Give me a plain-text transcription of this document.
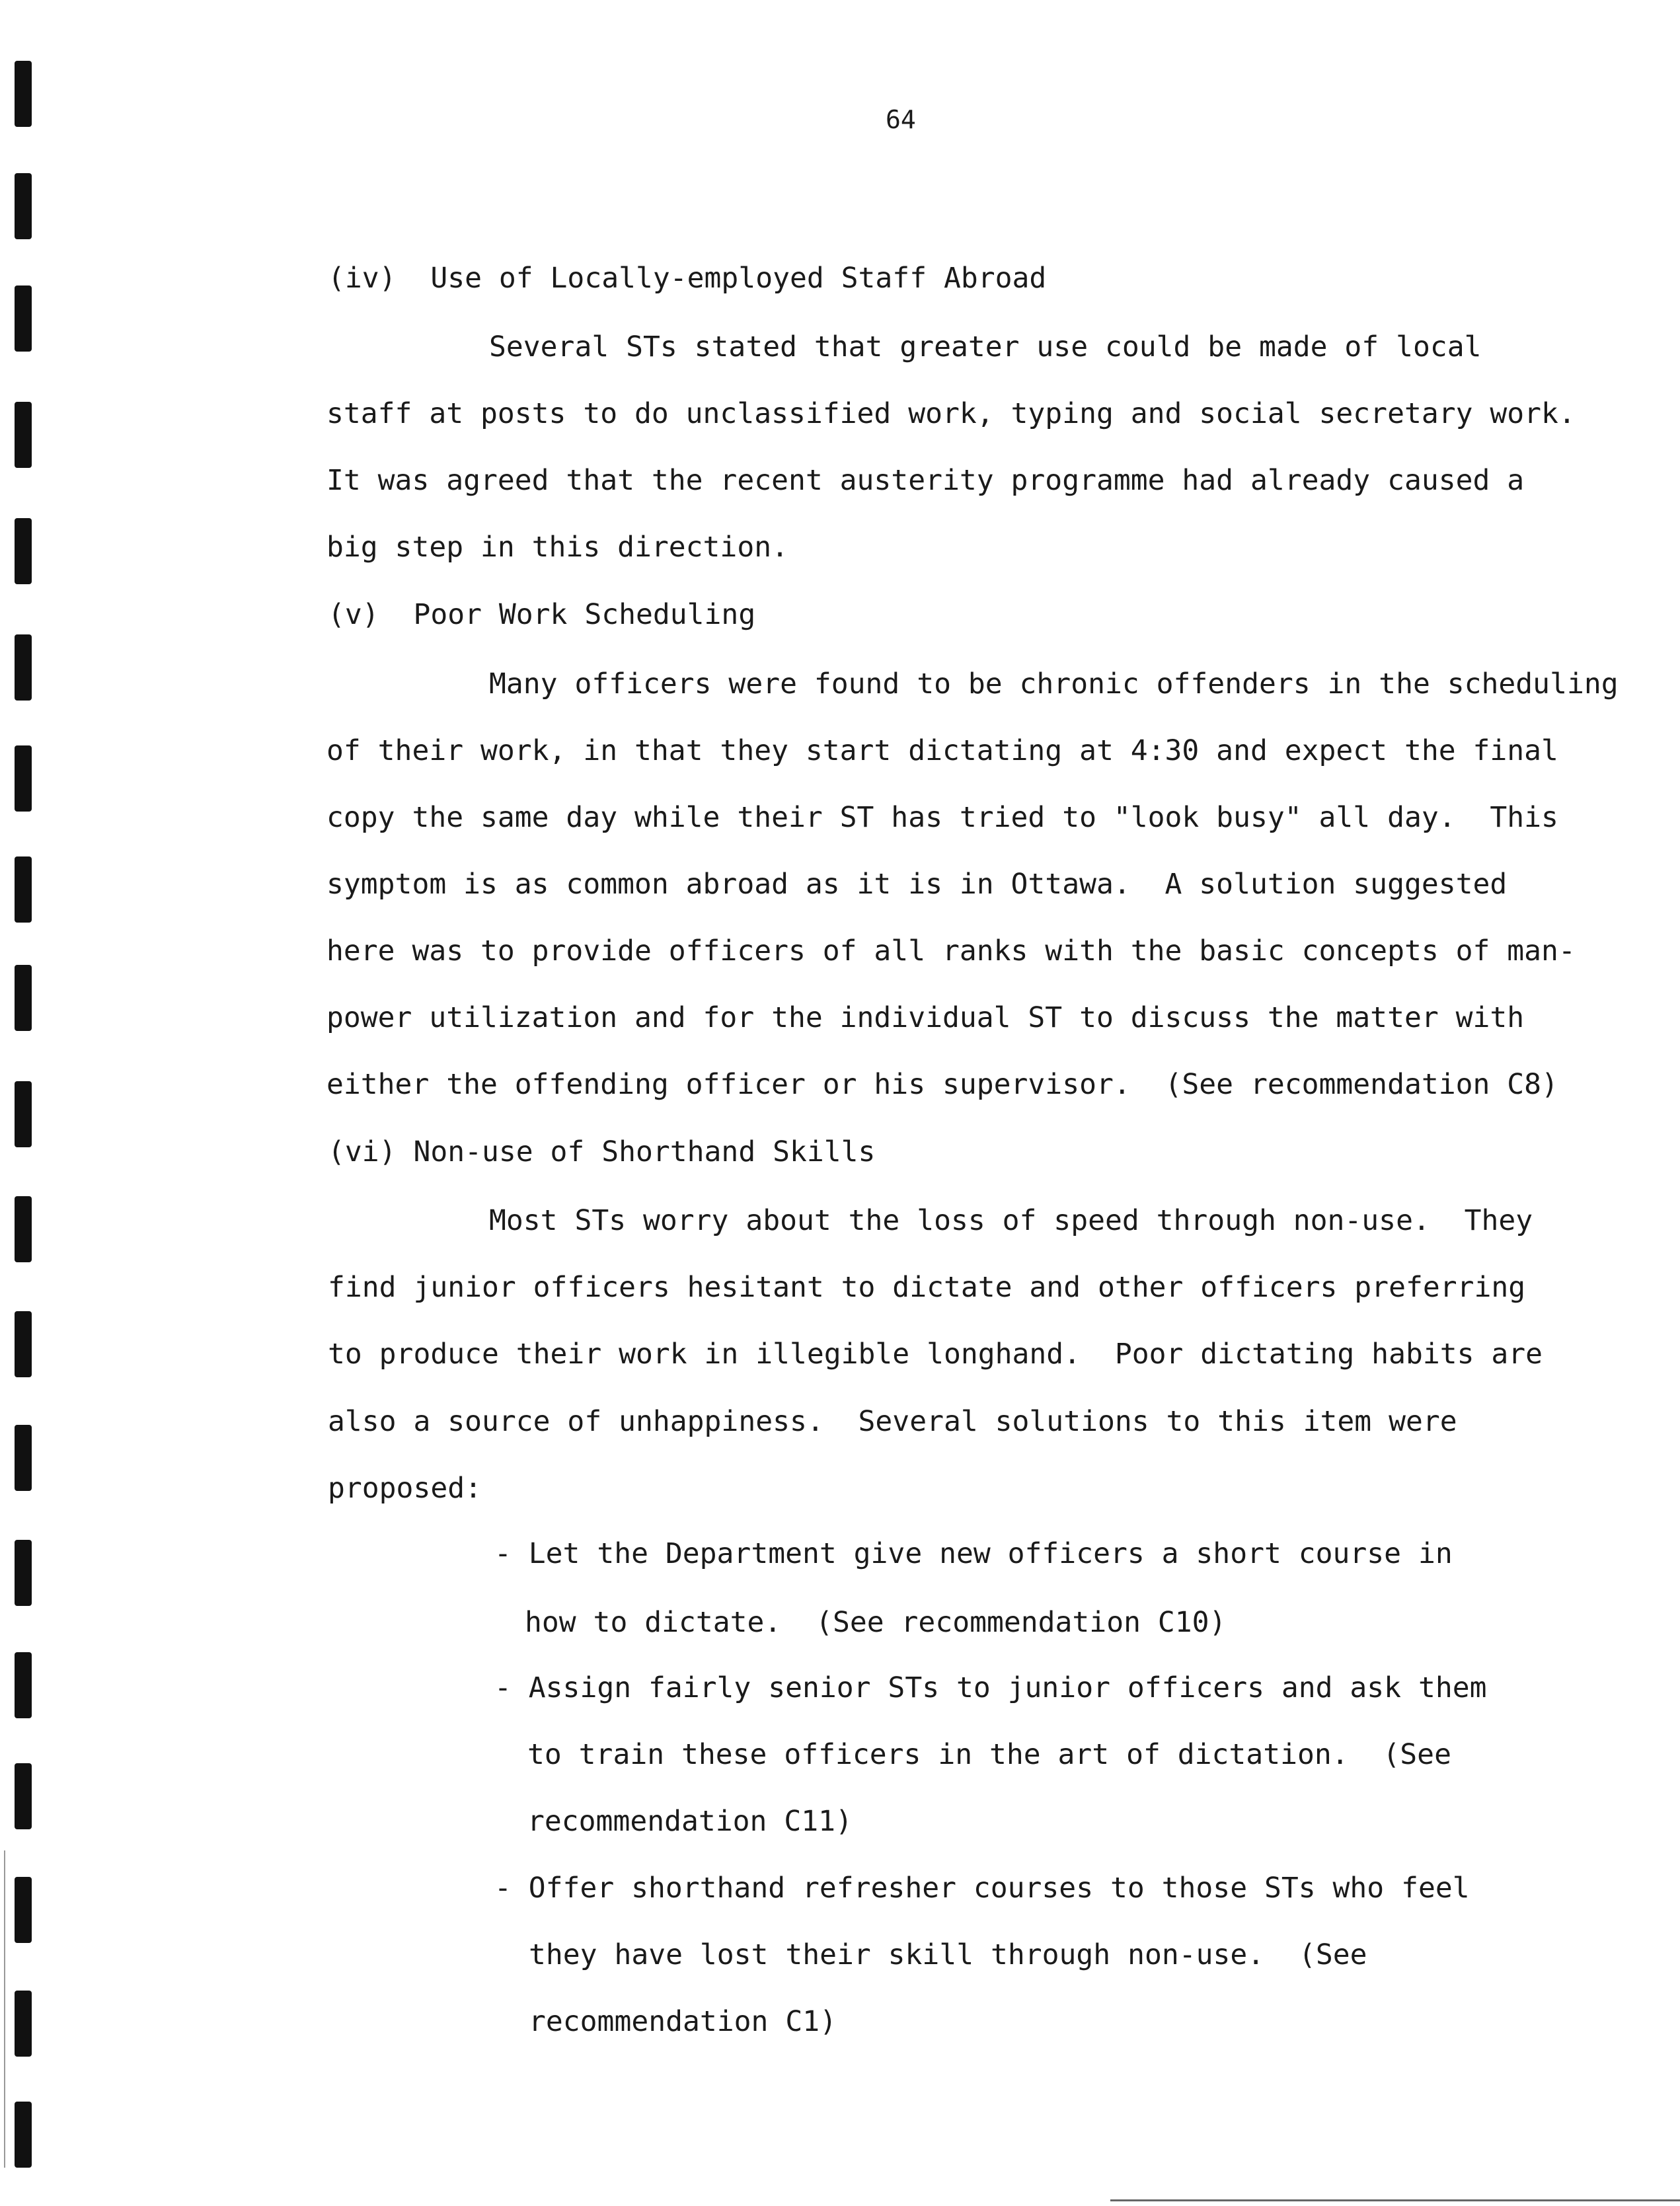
64
(iv)  Use of Locally-employed Staff Abroad
Several STs stated that greater use could be made of local
staff at posts to do unclassified work, typing and social secretary work.
It was agreed that the recent austerity programme had already caused a
big step in this direction.
(v)  Poor Work Scheduling
Many officers were found to be chronic offenders in the scheduling
of their work, in that they start dictating at 4:30 and expect the final
copy the same day while their ST has tried to "look busy" all day.  This
symptom is as common abroad as it is in Ottawa.  A solution suggested
here was to provide officers of all ranks with the basic concepts of man-
power utilization and for the individual ST to discuss the matter with
either the offending officer or his supervisor.  (See recommendation C8)
(vi) Non-use of Shorthand Skills
Most STs worry about the loss of speed through non-use.  They
find junior officers hesitant to dictate and other officers preferring
to produce their work in illegible longhand.  Poor dictating habits are
also a source of unhappiness.  Several solutions to this item were
proposed:
- Let the Department give new officers a short course in
how to dictate.  (See recommendation C10)
- Assign fairly senior STs to junior officers and ask them
to train these officers in the art of dictation.  (See
recommendation C11)
- Offer shorthand refresher courses to those STs who feel
they have lost their skill through non-use.  (See
recommendation C1)
